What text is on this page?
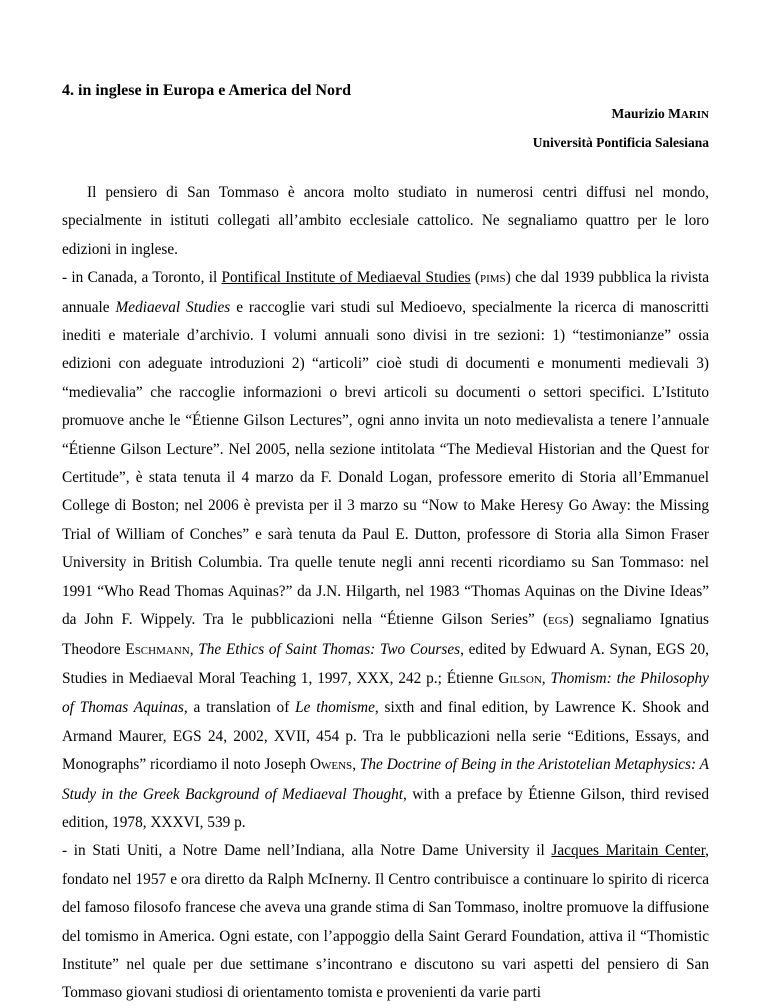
4. in inglese in Europa e America del Nord

Maurizio MARIN

Università Pontificia Salesiana

Il pensiero di San Tommaso è ancora molto studiato in numerosi centri diffusi nel mondo, specialmente in istituti collegati all’ambito ecclesiale cattolico. Ne segnaliamo quattro per le loro edizioni in inglese.

- in Canada, a Toronto, il Pontifical Institute of Mediaeval Studies (PIMS) che dal 1939 pubblica la rivista annuale Mediaeval Studies e raccoglie vari studi sul Medioevo, specialmente la ricerca di manoscritti inediti e materiale d’archivio. I volumi annuali sono divisi in tre sezioni: 1) “testimonianze” ossia edizioni con adeguate introduzioni 2) “articoli” cioè studi di documenti e monumenti medievali 3) “medievalia” che raccoglie informazioni o brevi articoli su documenti o settori specifici. L’Istituto promuove anche le “Étienne Gilson Lectures”, ogni anno invita un noto medievalista a tenere l’annuale “Étienne Gilson Lecture”. Nel 2005, nella sezione intitolata “The Medieval Historian and the Quest for Certitude”, è stata tenuta il 4 marzo da F. Donald Logan, professore emerito di Storia all’Emmanuel College di Boston; nel 2006 è prevista per il 3 marzo su “Now to Make Heresy Go Away: the Missing Trial of William of Conches” e sarà tenuta da Paul E. Dutton, professore di Storia alla Simon Fraser University in British Columbia. Tra quelle tenute negli anni recenti ricordiamo su San Tommaso: nel 1991 “Who Read Thomas Aquinas?” da J.N. Hilgarth, nel 1983 “Thomas Aquinas on the Divine Ideas” da John F. Wippely. Tra le pubblicazioni nella “Étienne Gilson Series” (EGS) segnaliamo Ignatius Theodore ESCHMANN, The Ethics of Saint Thomas: Two Courses, edited by Edwuard A. Synan, EGS 20, Studies in Mediaeval Moral Teaching 1, 1997, XXX, 242 p.; Étienne GILSON, Thomism: the Philosophy of Thomas Aquinas, a translation of Le thomisme, sixth and final edition, by Lawrence K. Shook and Armand Maurer, EGS 24, 2002, XVII, 454 p. Tra le pubblicazioni nella serie “Editions, Essays, and Monographs” ricordiamo il noto Joseph OWENS, The Doctrine of Being in the Aristotelian Metaphysics: A Study in the Greek Background of Mediaeval Thought, with a preface by Étienne Gilson, third revised edition, 1978, XXXVI, 539 p.

- in Stati Uniti, a Notre Dame nell’Indiana, alla Notre Dame University il Jacques Maritain Center, fondato nel 1957 e ora diretto da Ralph McInerny. Il Centro contribuisce a continuare lo spirito di ricerca del famoso filosofo francese che aveva una grande stima di San Tommaso, inoltre promuove la diffusione del tomismo in America. Ogni estate, con l’appoggio della Saint Gerard Foundation, attiva il “Thomistic Institute” nel quale per due settimane s’incontrano e discutono su vari aspetti del pensiero di San Tommaso giovani studiosi di orientamento tomista e provenienti da varie parti
